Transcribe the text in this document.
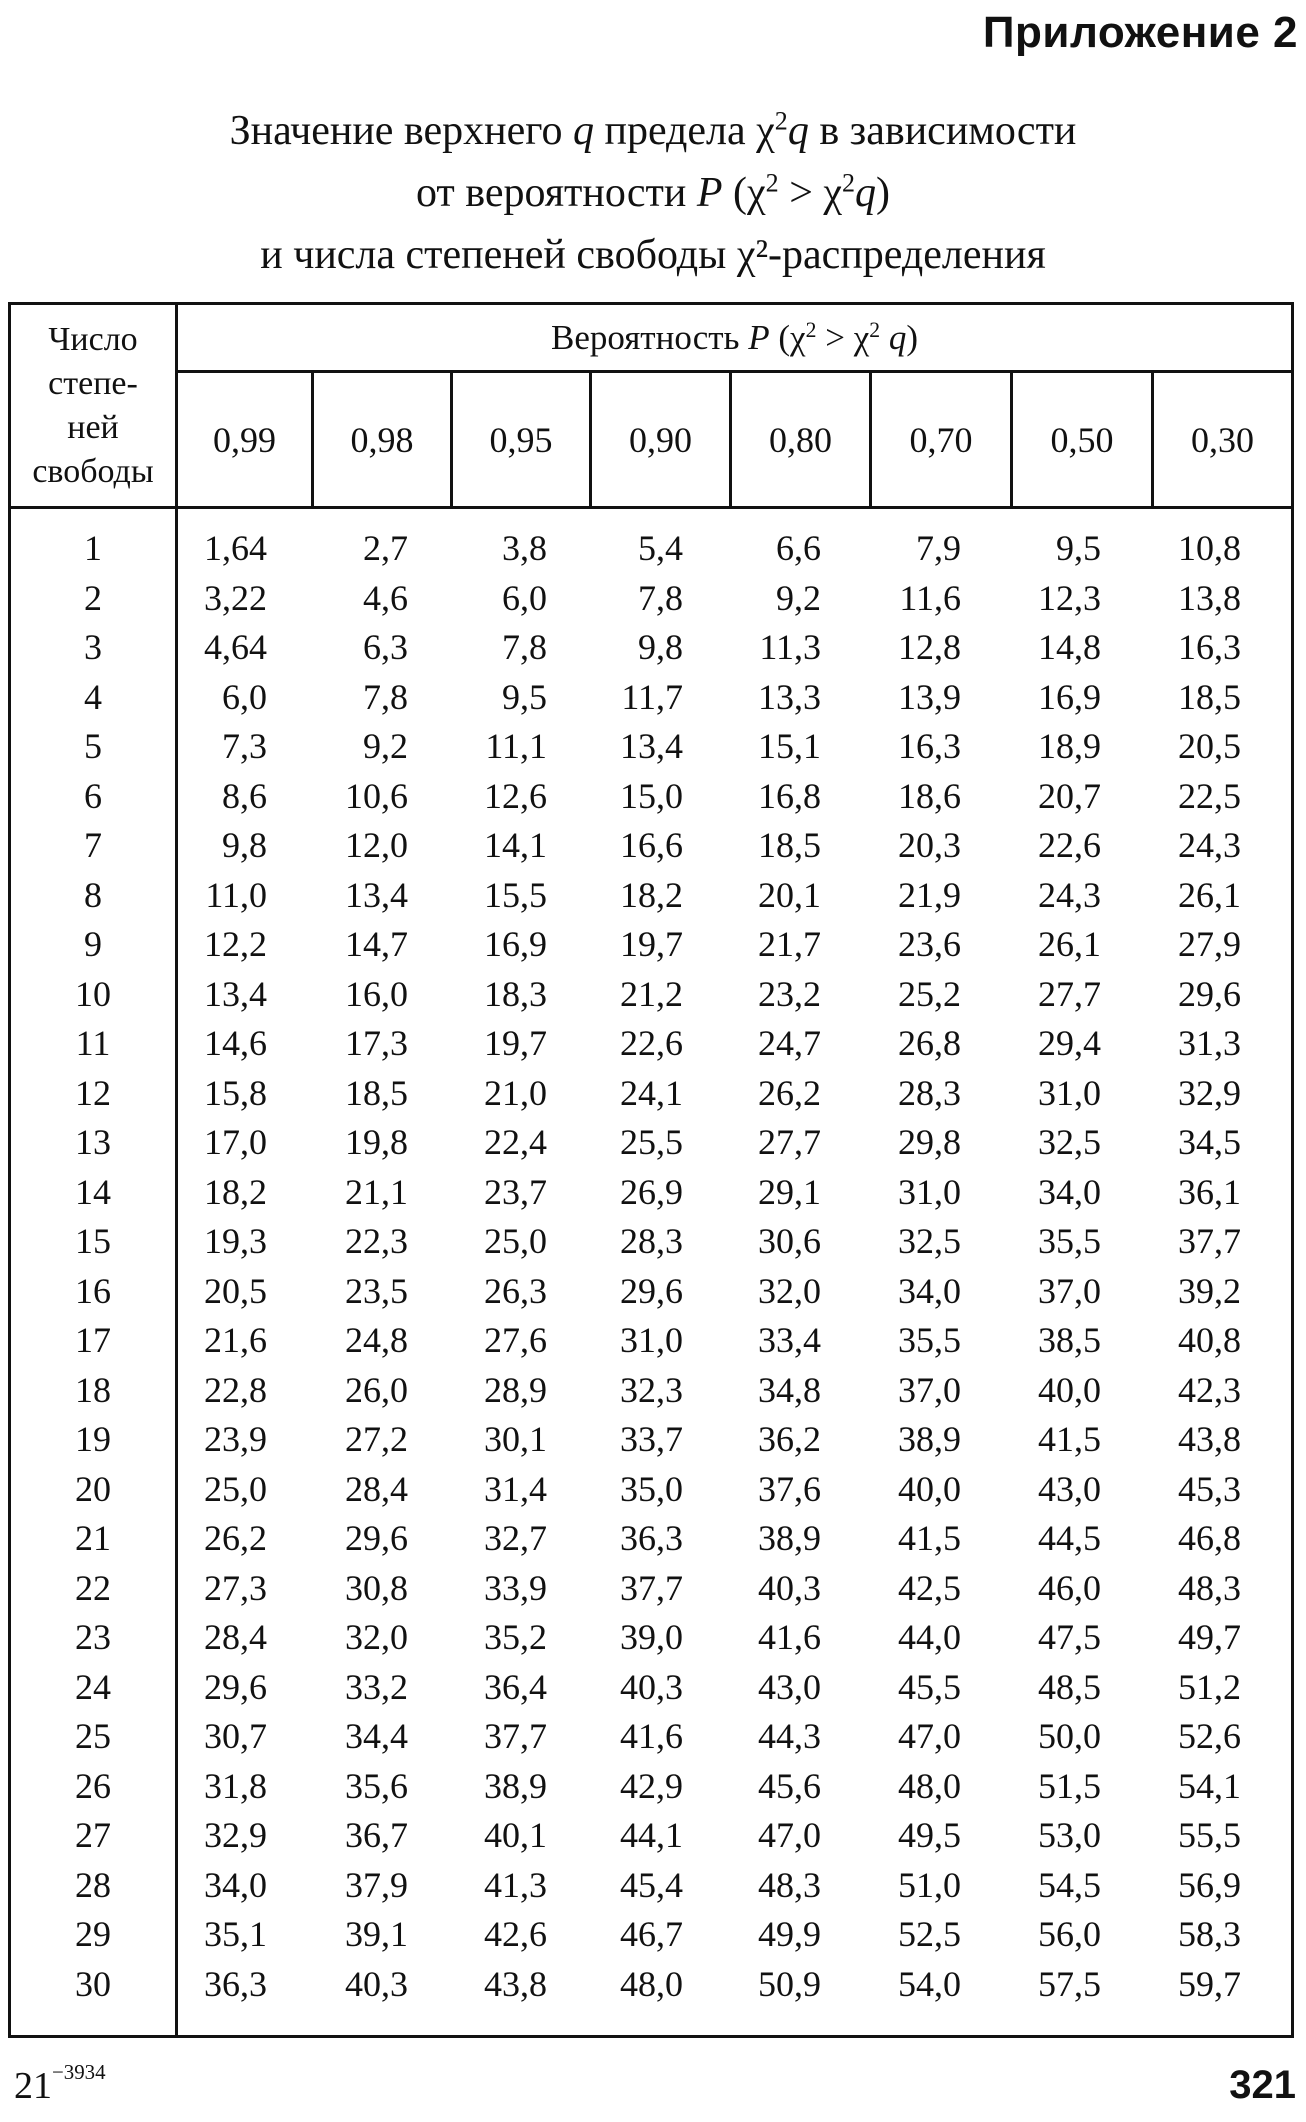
Приложение 2
Значение верхнего q предела $\chi^2q$ в зависимости
от вероятности P $(\chi^2 > \chi^2q)$
и числа степеней свободы χ²-распределения
Число
степе-
ней
свободы
Вероятность P ($\chi^2 > \chi^2$ q)
0,99	0,98	0,95	0,90	0,80	0,70	0,50	0,30
1	1,64	2,7	3,8	5,4	6,6	7,9	9,5	10,8
2	3,22	4,6	6,0	7,8	9,2	11,6	12,3	13,8
3	4,64	6,3	7,8	9,8	11,3	12,8	14,8	16,3
4	6,0	7,8	9,5	11,7	13,3	13,9	16,9	18,5
5	7,3	9,2	11,1	13,4	15,1	16,3	18,9	20,5
6	8,6	10,6	12,6	15,0	16,8	18,6	20,7	22,5
7	9,8	12,0	14,1	16,6	18,5	20,3	22,6	24,3
8	11,0	13,4	15,5	18,2	20,1	21,9	24,3	26,1
9	12,2	14,7	16,9	19,7	21,7	23,6	26,1	27,9
10	13,4	16,0	18,3	21,2	23,2	25,2	27,7	29,6
11	14,6	17,3	19,7	22,6	24,7	26,8	29,4	31,3
12	15,8	18,5	21,0	24,1	26,2	28,3	31,0	32,9
13	17,0	19,8	22,4	25,5	27,7	29,8	32,5	34,5
14	18,2	21,1	23,7	26,9	29,1	31,0	34,0	36,1
15	19,3	22,3	25,0	28,3	30,6	32,5	35,5	37,7
16	20,5	23,5	26,3	29,6	32,0	34,0	37,0	39,2
17	21,6	24,8	27,6	31,0	33,4	35,5	38,5	40,8
18	22,8	26,0	28,9	32,3	34,8	37,0	40,0	42,3
19	23,9	27,2	30,1	33,7	36,2	38,9	41,5	43,8
20	25,0	28,4	31,4	35,0	37,6	40,0	43,0	45,3
21	26,2	29,6	32,7	36,3	38,9	41,5	44,5	46,8
22	27,3	30,8	33,9	37,7	40,3	42,5	46,0	48,3
23	28,4	32,0	35,2	39,0	41,6	44,0	47,5	49,7
24	29,6	33,2	36,4	40,3	43,0	45,5	48,5	51,2
25	30,7	34,4	37,7	41,6	44,3	47,0	50,0	52,6
26	31,8	35,6	38,9	42,9	45,6	48,0	51,5	54,1
27	32,9	36,7	40,1	44,1	47,0	49,5	53,0	55,5
28	34,0	37,9	41,3	45,4	48,3	51,0	54,5	56,9
29	35,1	39,1	42,6	46,7	49,9	52,5	56,0	58,3
30	36,3	40,3	43,8	48,0	50,9	54,0	57,5	59,7
$21^{-3934}$	321
